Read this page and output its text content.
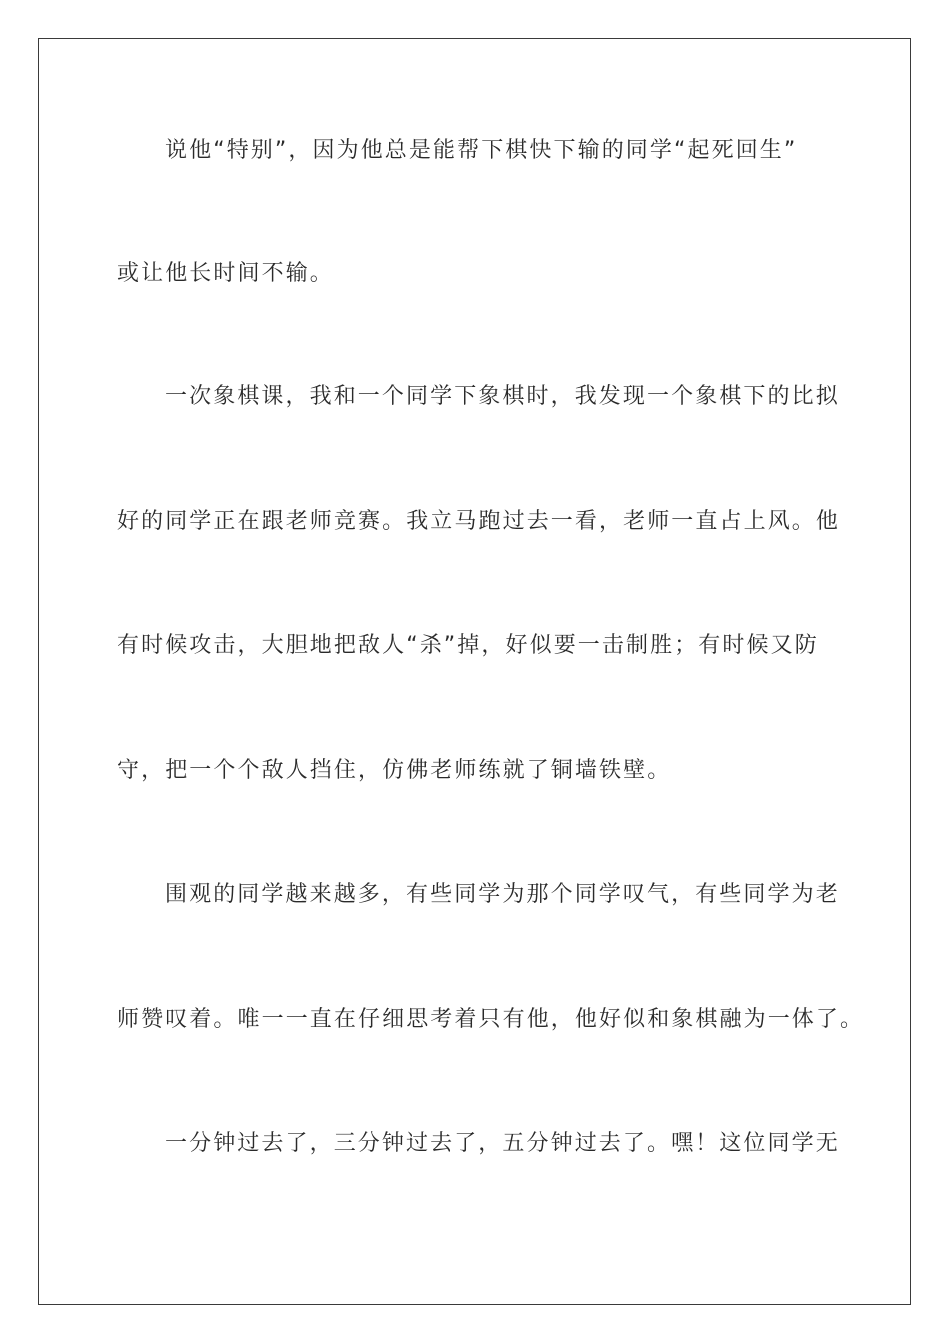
说他“特别”，因为他总是能帮下棋快下输的同学“起死回生”
或让他长时间不输。
一次象棋课，我和一个同学下象棋时，我发现一个象棋下的比拟
好的同学正在跟老师竞赛。我立马跑过去一看，老师一直占上风。他
有时候攻击，大胆地把敌人“杀”掉，好似要一击制胜；有时候又防
守，把一个个敌人挡住，仿佛老师练就了铜墙铁壁。
围观的同学越来越多，有些同学为那个同学叹气，有些同学为老
师赞叹着。唯一一直在仔细思考着只有他，他好似和象棋融为一体了。
一分钟过去了，三分钟过去了，五分钟过去了。嘿！这位同学无
